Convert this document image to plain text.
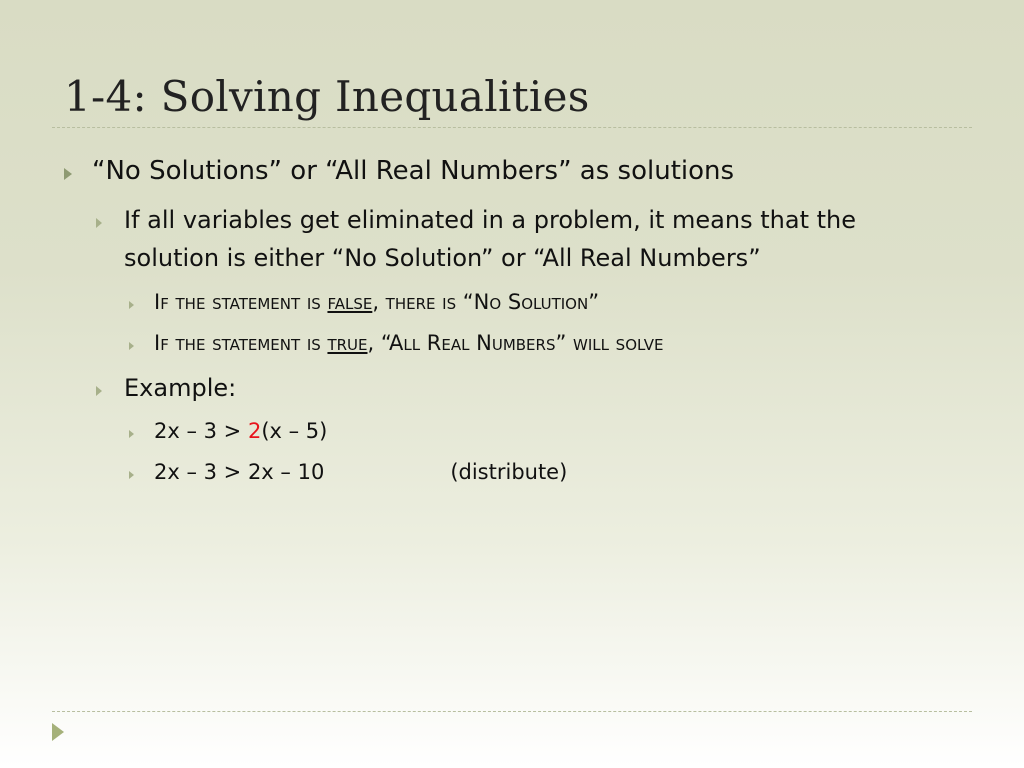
1-4: Solving Inequalities
“No Solutions” or “All Real Numbers” as solutions
If all variables get eliminated in a problem, it means that the
solution is either “No Solution” or “All Real Numbers”
If the statement is false, there is “No Solution”
If the statement is true, “All Real Numbers” will solve
Example:
2x – 3 > 2(x – 5)
2x – 3 > 2x – 10	(distribute)
